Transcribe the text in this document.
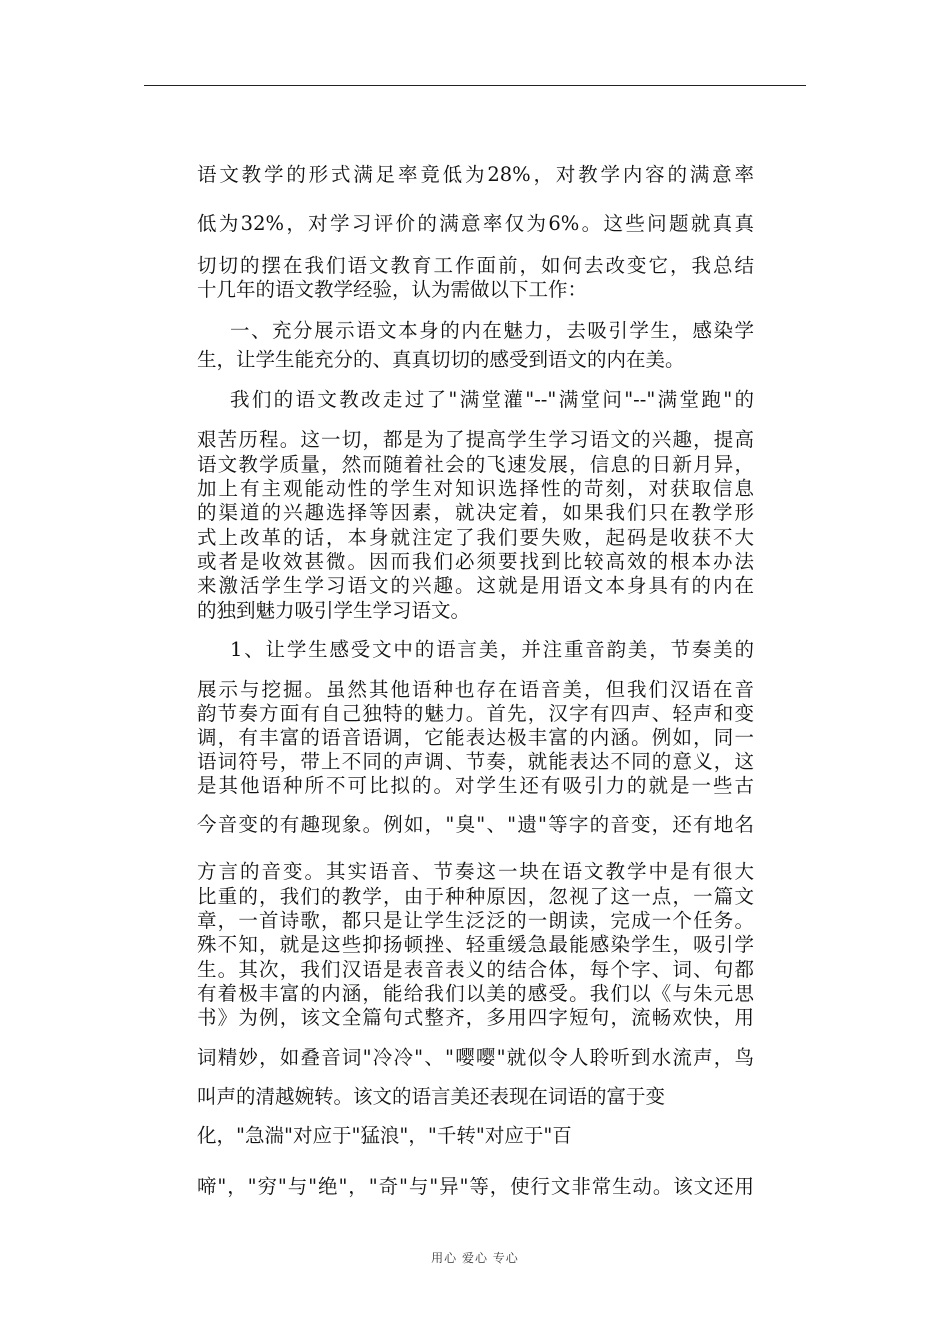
语文教学的形式满足率竟低为28%，对教学内容的满意率
低为32%，对学习评价的满意率仅为6%。这些问题就真真
切切的摆在我们语文教育工作面前，如何去改变它，我总结
十几年的语文教学经验，认为需做以下工作：
一、充分展示语文本身的内在魅力，去吸引学生，感染学
生，让学生能充分的、真真切切的感受到语文的内在美。
我们的语文教改走过了"满堂灌"--"满堂问"--"满堂跑"的
艰苦历程。这一切，都是为了提高学生学习语文的兴趣，提高
语文教学质量，然而随着社会的飞速发展，信息的日新月异，
加上有主观能动性的学生对知识选择性的苛刻，对获取信息
的渠道的兴趣选择等因素，就决定着，如果我们只在教学形
式上改革的话，本身就注定了我们要失败，起码是收获不大
或者是收效甚微。因而我们必须要找到比较高效的根本办法
来激活学生学习语文的兴趣。这就是用语文本身具有的内在
的独到魅力吸引学生学习语文。
1、让学生感受文中的语言美，并注重音韵美，节奏美的
展示与挖掘。虽然其他语种也存在语音美，但我们汉语在音
韵节奏方面有自己独特的魅力。首先，汉字有四声、轻声和变
调，有丰富的语音语调，它能表达极丰富的内涵。例如，同一
语词符号，带上不同的声调、节奏，就能表达不同的意义，这
是其他语种所不可比拟的。对学生还有吸引力的就是一些古
今音变的有趣现象。例如，"臭"、"遗"等字的音变，还有地名
方言的音变。其实语音、节奏这一块在语文教学中是有很大
比重的，我们的教学，由于种种原因，忽视了这一点，一篇文
章，一首诗歌，都只是让学生泛泛的一朗读，完成一个任务。
殊不知，就是这些抑扬顿挫、轻重缓急最能感染学生，吸引学
生。其次，我们汉语是表音表义的结合体，每个字、词、句都
有着极丰富的内涵，能给我们以美的感受。我们以《与朱元思
书》为例，该文全篇句式整齐，多用四字短句，流畅欢快，用
词精妙，如叠音词"冷冷"、"嘤嘤"就似令人聆听到水流声，鸟
叫声的清越婉转。该文的语言美还表现在词语的富于变
化，"急湍"对应于"猛浪"，"千转"对应于"百
啼"，"穷"与"绝"，"奇"与"异"等，使行文非常生动。该文还用
用心 爱心 专心
